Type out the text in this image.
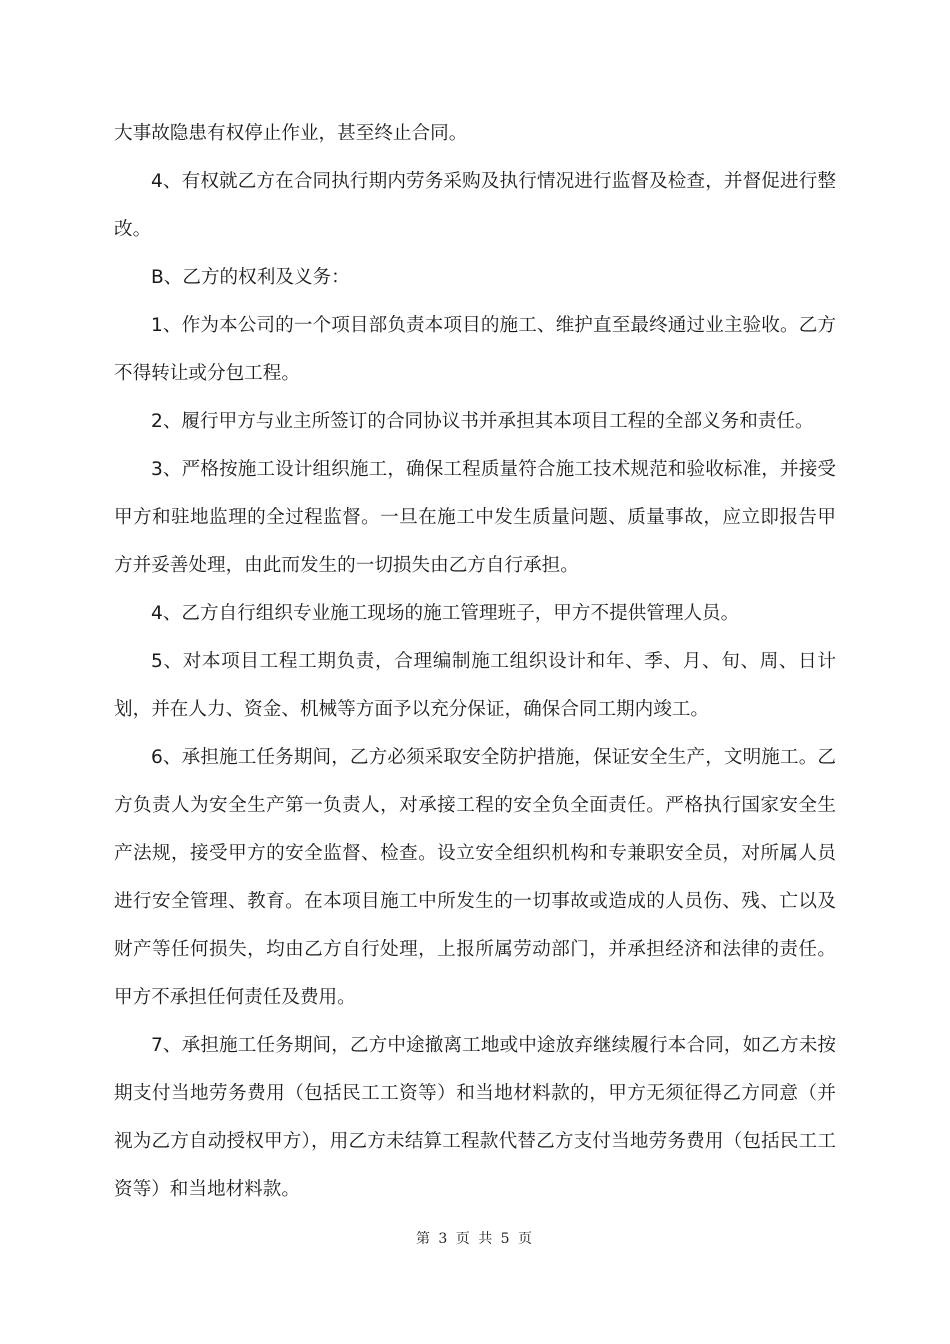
大事故隐患有权停止作业，甚至终止合同。

4、有权就乙方在合同执行期内劳务采购及执行情况进行监督及检查，并督促进行整改。

B、乙方的权利及义务：

1、作为本公司的一个项目部负责本项目的施工、维护直至最终通过业主验收。乙方不得转让或分包工程。

2、履行甲方与业主所签订的合同协议书并承担其本项目工程的全部义务和责任。

3、严格按施工设计组织施工，确保工程质量符合施工技术规范和验收标准，并接受甲方和驻地监理的全过程监督。一旦在施工中发生质量问题、质量事故，应立即报告甲方并妥善处理，由此而发生的一切损失由乙方自行承担。

4、乙方自行组织专业施工现场的施工管理班子，甲方不提供管理人员。

5、对本项目工程工期负责，合理编制施工组织设计和年、季、月、旬、周、日计划，并在人力、资金、机械等方面予以充分保证，确保合同工期内竣工。

6、承担施工任务期间，乙方必须采取安全防护措施，保证安全生产，文明施工。乙方负责人为安全生产第一负责人，对承接工程的安全负全面责任。严格执行国家安全生产法规，接受甲方的安全监督、检查。设立安全组织机构和专兼职安全员，对所属人员进行安全管理、教育。在本项目施工中所发生的一切事故或造成的人员伤、残、亡以及财产等任何损失，均由乙方自行处理，上报所属劳动部门，并承担经济和法律的责任。甲方不承担任何责任及费用。

7、承担施工任务期间，乙方中途撤离工地或中途放弃继续履行本合同，如乙方未按期支付当地劳务费用（包括民工工资等）和当地材料款的，甲方无须征得乙方同意（并视为乙方自动授权甲方），用乙方未结算工程款代替乙方支付当地劳务费用（包括民工工资等）和当地材料款。

第 3 页 共 5 页
